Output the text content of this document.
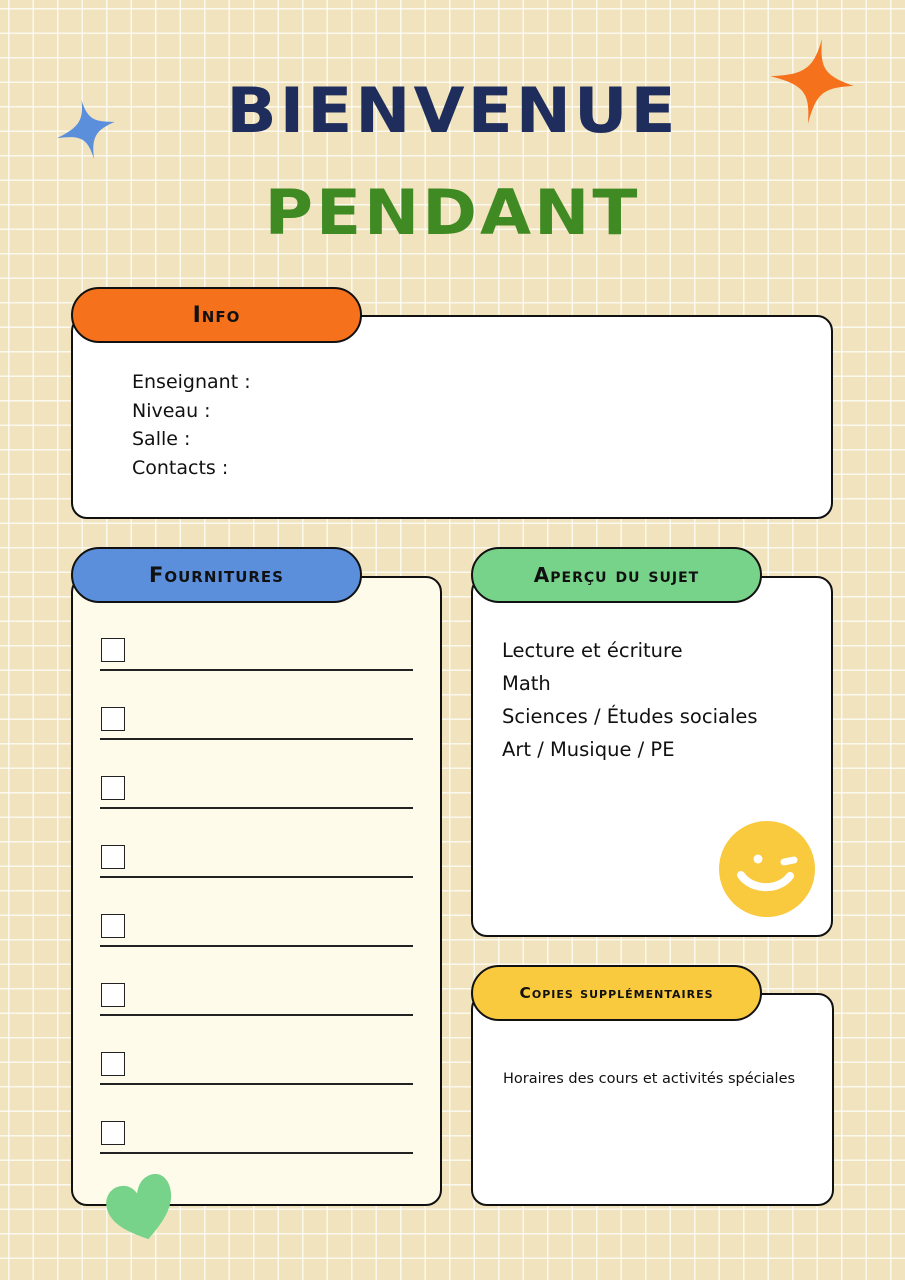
BIENVENUE
PENDANT
Info
Enseignant :
Niveau :
Salle :
Contacts :
Fournitures	Aperçu du sujet
Lecture et écriture
Math
Sciences / Études sociales
Art / Musique / PE
Copies supplémentaires
Horaires des cours et activités spéciales
